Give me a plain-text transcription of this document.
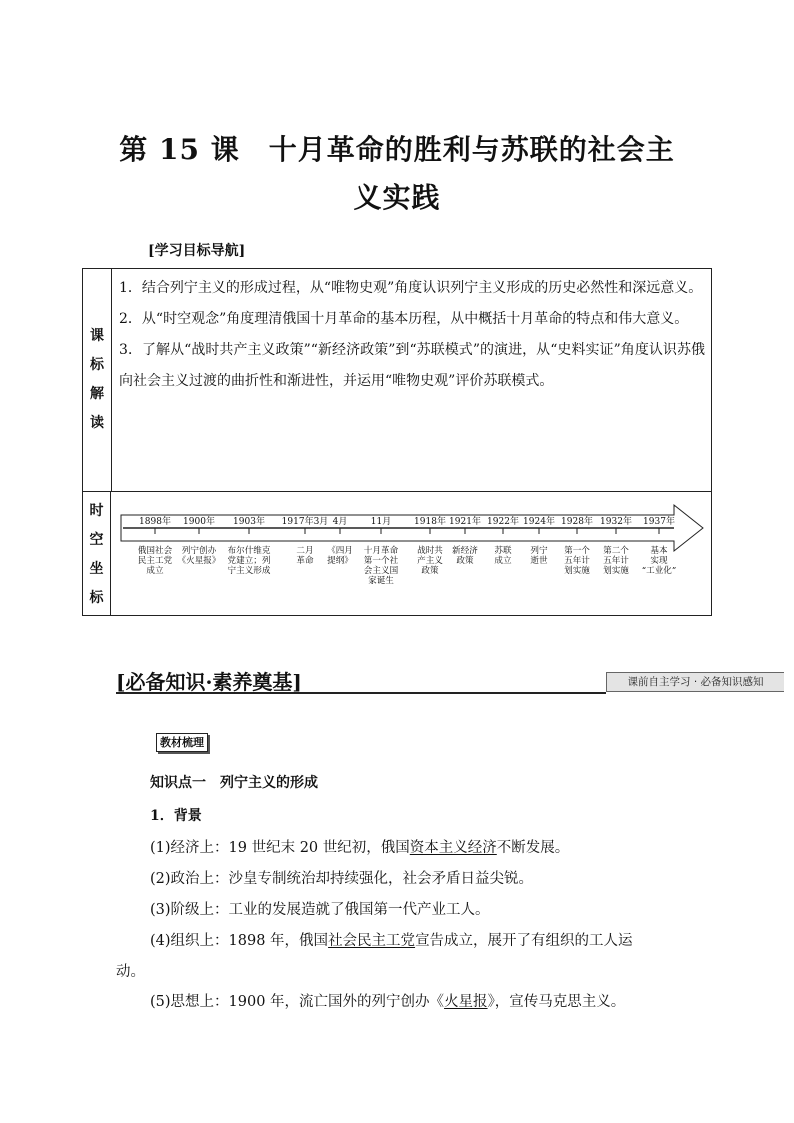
第 15 课　十月革命的胜利与苏联的社会主
义实践
[学习目标导航]
课
标
解
读

1．结合列宁主义的形成过程，从“唯物史观”角度认识列宁主义形成的历史必然性和深远意义。

2．从“时空观念”角度理清俄国十月革命的基本历程，从中概括十月革命的特点和伟大意义。

3．了解从“战时共产主义政策”“新经济政策”到“苏联模式”的演进，从“史料实证”角度认识苏俄向社会主义过渡的曲折性和渐进性，并运用“唯物史观”评价苏联模式。

时
空
坐
标
1898年
俄国社会
民主工党
成立
1900年
列宁创办
《火星报》
1903年
布尔什维克
党建立；列
宁主义形成
1917年3月
二月
革命
4月
《四月
提纲》
11月
十月革命
第一个社
会主义国
家诞生
1918年
战时共
产主义
政策
1921年
新经济
政策
1922年
苏联
成立
1924年
列宁
逝世
1928年
第一个
五年计
划实施
1932年
第二个
五年计
划实施
1937年
基本
实现
“工业化”
[必备知识·素养奠基]	课前自主学习 · 必备知识感知
教材梳理
知识点一　列宁主义的形成
1．背景
(1)经济上：19 世纪末 20 世纪初，俄国资本主义经济不断发展。
(2)政治上：沙皇专制统治却持续强化，社会矛盾日益尖锐。
(3)阶级上：工业的发展造就了俄国第一代产业工人。
(4)组织上：1898 年，俄国社会民主工党宣告成立，展开了有组织的工人运
动。
(5)思想上：1900 年，流亡国外的列宁创办《火星报》，宣传马克思主义。
